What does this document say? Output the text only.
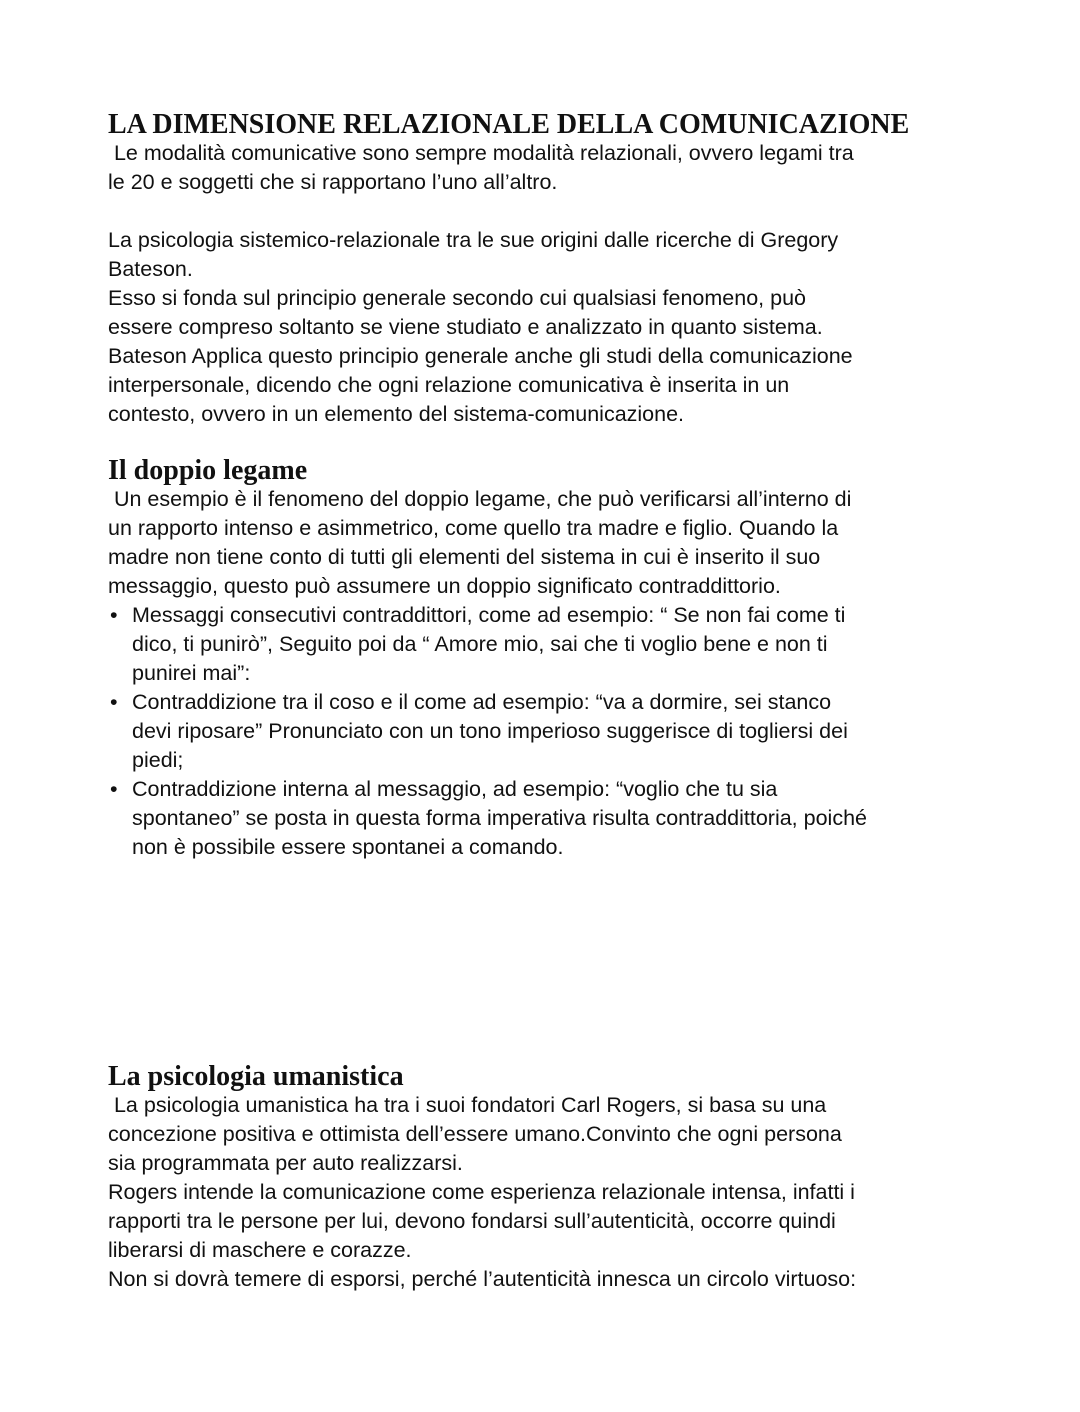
LA DIMENSIONE RELAZIONALE DELLA COMUNICAZIONE

Le modalità comunicative sono sempre modalità relazionali, ovvero legami tra
le 20 e soggetti che si rapportano l’uno all’altro.

La psicologia sistemico-relazionale tra le sue origini dalle ricerche di Gregory
Bateson.
Esso si fonda sul principio generale secondo cui qualsiasi fenomeno, può
essere compreso soltanto se viene studiato e analizzato in quanto sistema.
Bateson Applica questo principio generale anche gli studi della comunicazione
interpersonale, dicendo che ogni relazione comunicativa è inserita in un
contesto, ovvero in un elemento del sistema-comunicazione.

Il doppio legame

Un esempio è il fenomeno del doppio legame, che può verificarsi all’interno di
un rapporto intenso e asimmetrico, come quello tra madre e figlio. Quando la
madre non tiene conto di tutti gli elementi del sistema in cui è inserito il suo
messaggio, questo può assumere un doppio significato contraddittorio.

• Messaggi consecutivi contraddittori, come ad esempio: “ Se non fai come ti
dico, ti punirò”, Seguito poi da “ Amore mio, sai che ti voglio bene e non ti
punirei mai”:
• Contraddizione tra il coso e il come ad esempio: “va a dormire, sei stanco
devi riposare” Pronunciato con un tono imperioso suggerisce di togliersi dei
piedi;
• Contraddizione interna al messaggio, ad esempio: “voglio che tu sia
spontaneo” se posta in questa forma imperativa risulta contraddittoria, poiché
non è possibile essere spontanei a comando.
La psicologia umanistica

La psicologia umanistica ha tra i suoi fondatori Carl Rogers, si basa su una
concezione positiva e ottimista dell’essere umano.Convinto che ogni persona
sia programmata per auto realizzarsi.
Rogers intende la comunicazione come esperienza relazionale intensa, infatti i
rapporti tra le persone per lui, devono fondarsi sull’autenticità, occorre quindi
liberarsi di maschere e corazze.
Non si dovrà temere di esporsi, perché l’autenticità innesca un circolo virtuoso:
